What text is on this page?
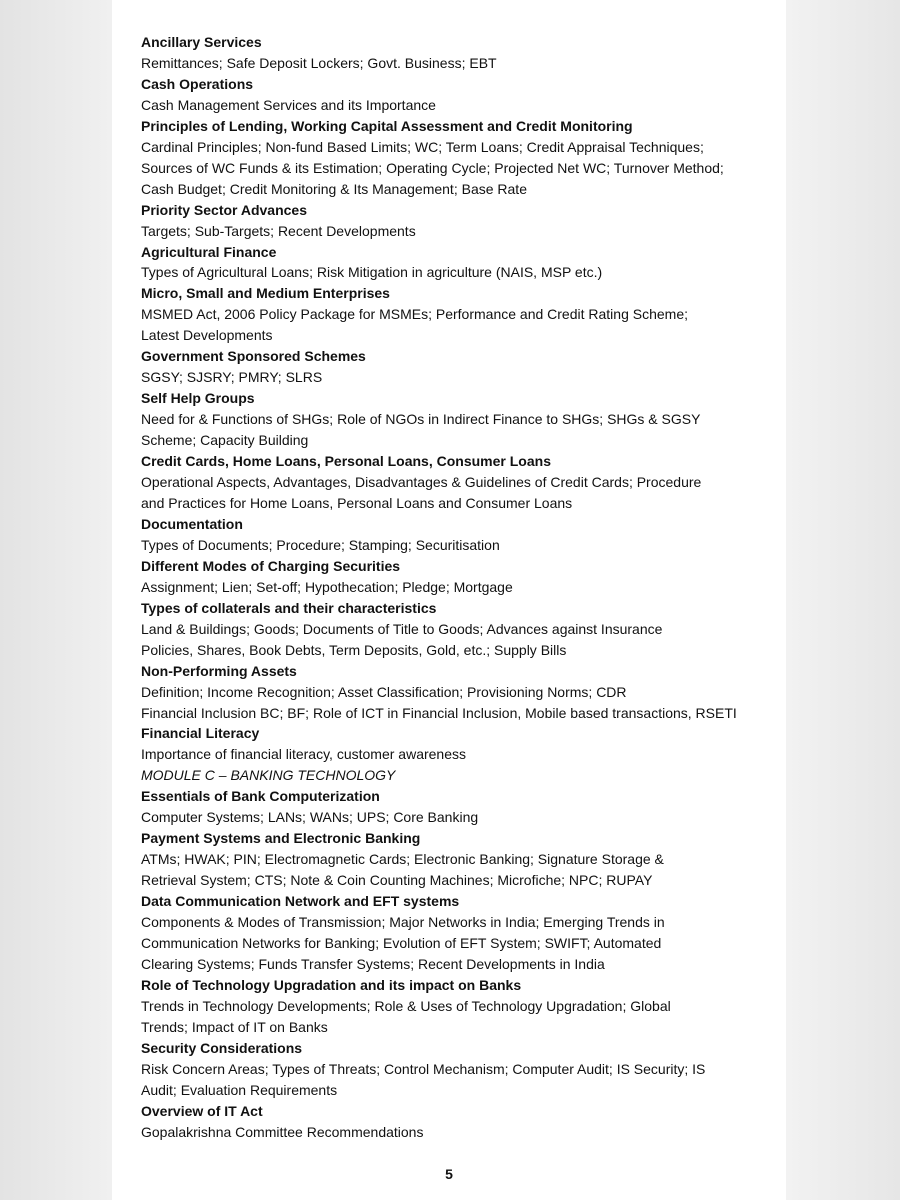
Ancillary Services
Remittances; Safe Deposit Lockers; Govt. Business; EBT
Cash Operations
Cash Management Services and its Importance
Principles of Lending, Working Capital Assessment and Credit Monitoring
Cardinal Principles; Non-fund Based Limits; WC; Term Loans; Credit Appraisal Techniques;
Sources of WC Funds & its Estimation; Operating Cycle; Projected Net WC; Turnover Method;
Cash Budget; Credit Monitoring & Its Management; Base Rate
Priority Sector Advances
Targets; Sub-Targets; Recent Developments
Agricultural Finance
Types of Agricultural Loans; Risk Mitigation in agriculture (NAIS, MSP etc.)
Micro, Small and Medium Enterprises
MSMED Act, 2006 Policy Package for MSMEs; Performance and Credit Rating Scheme;
Latest Developments
Government Sponsored Schemes
SGSY; SJSRY; PMRY; SLRS
Self Help Groups
Need for & Functions of SHGs; Role of NGOs in Indirect Finance to SHGs; SHGs & SGSY
Scheme; Capacity Building
Credit Cards, Home Loans, Personal Loans, Consumer Loans
Operational Aspects, Advantages, Disadvantages & Guidelines of Credit Cards; Procedure
and Practices for Home Loans, Personal Loans and Consumer Loans
Documentation
Types of Documents; Procedure; Stamping; Securitisation
Different Modes of Charging Securities
Assignment; Lien; Set-off; Hypothecation; Pledge; Mortgage
Types of collaterals and their characteristics
Land & Buildings; Goods; Documents of Title to Goods; Advances against Insurance
Policies, Shares, Book Debts, Term Deposits, Gold, etc.; Supply Bills
Non-Performing Assets
Definition; Income Recognition; Asset Classification; Provisioning Norms; CDR
Financial Inclusion BC; BF; Role of ICT in Financial Inclusion, Mobile based transactions, RSETI
Financial Literacy
Importance of financial literacy, customer awareness
MODULE C – BANKING TECHNOLOGY
Essentials of Bank Computerization
Computer Systems; LANs; WANs; UPS; Core Banking
Payment Systems and Electronic Banking
ATMs; HWAK; PIN; Electromagnetic Cards; Electronic Banking; Signature Storage &
Retrieval System; CTS; Note & Coin Counting Machines; Microfiche; NPC; RUPAY
Data Communication Network and EFT systems
Components & Modes of Transmission; Major Networks in India; Emerging Trends in
Communication Networks for Banking; Evolution of EFT System; SWIFT; Automated
Clearing Systems; Funds Transfer Systems; Recent Developments in India
Role of Technology Upgradation and its impact on Banks
Trends in Technology Developments; Role & Uses of Technology Upgradation; Global
Trends; Impact of IT on Banks
Security Considerations
Risk Concern Areas; Types of Threats; Control Mechanism; Computer Audit; IS Security; IS
Audit; Evaluation Requirements
Overview of IT Act
Gopalakrishna Committee Recommendations
5
